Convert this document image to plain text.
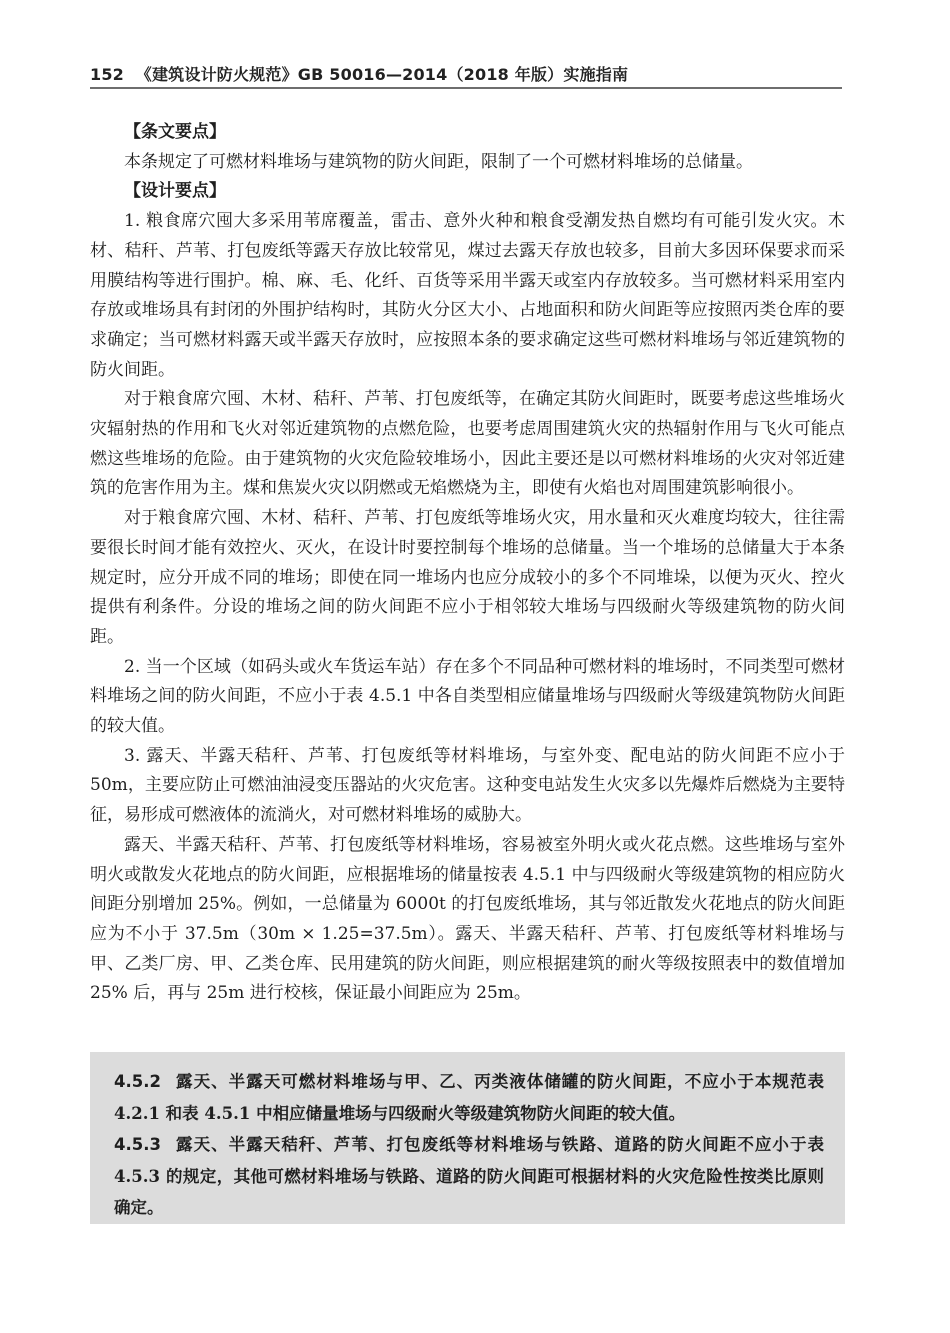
152 《建筑设计防火规范》GB 50016—2014（2018 年版）实施指南

【条文要点】

本条规定了可燃材料堆场与建筑物的防火间距，限制了一个可燃材料堆场的总储量。

【设计要点】

1. 粮食席穴囤大多采用苇席覆盖，雷击、意外火种和粮食受潮发热自燃均有可能引发火灾。木材、秸秆、芦苇、打包废纸等露天存放比较常见，煤过去露天存放也较多，目前大多因环保要求而采用膜结构等进行围护。棉、麻、毛、化纤、百货等采用半露天或室内存放较多。当可燃材料采用室内存放或堆场具有封闭的外围护结构时，其防火分区大小、占地面积和防火间距等应按照丙类仓库的要求确定；当可燃材料露天或半露天存放时，应按照本条的要求确定这些可燃材料堆场与邻近建筑物的防火间距。

对于粮食席穴囤、木材、秸秆、芦苇、打包废纸等，在确定其防火间距时，既要考虑这些堆场火灾辐射热的作用和飞火对邻近建筑物的点燃危险，也要考虑周围建筑火灾的热辐射作用与飞火可能点燃这些堆场的危险。由于建筑物的火灾危险较堆场小，因此主要还是以可燃材料堆场的火灾对邻近建筑的危害作用为主。煤和焦炭火灾以阴燃或无焰燃烧为主，即使有火焰也对周围建筑影响很小。

对于粮食席穴囤、木材、秸秆、芦苇、打包废纸等堆场火灾，用水量和灭火难度均较大，往往需要很长时间才能有效控火、灭火，在设计时要控制每个堆场的总储量。当一个堆场的总储量大于本条规定时，应分开成不同的堆场；即使在同一堆场内也应分成较小的多个不同堆垛，以便为灭火、控火提供有利条件。分设的堆场之间的防火间距不应小于相邻较大堆场与四级耐火等级建筑物的防火间距。

2. 当一个区域（如码头或火车货运车站）存在多个不同品种可燃材料的堆场时，不同类型可燃材料堆场之间的防火间距，不应小于表 4.5.1 中各自类型相应储量堆场与四级耐火等级建筑物防火间距的较大值。

3. 露天、半露天秸秆、芦苇、打包废纸等材料堆场，与室外变、配电站的防火间距不应小于 50m，主要应防止可燃油油浸变压器站的火灾危害。这种变电站发生火灾多以先爆炸后燃烧为主要特征，易形成可燃液体的流淌火，对可燃材料堆场的威胁大。

露天、半露天秸秆、芦苇、打包废纸等材料堆场，容易被室外明火或火花点燃。这些堆场与室外明火或散发火花地点的防火间距，应根据堆场的储量按表 4.5.1 中与四级耐火等级建筑物的相应防火间距分别增加 25%。例如，一总储量为 6000t 的打包废纸堆场，其与邻近散发火花地点的防火间距应为不小于 37.5m（30m × 1.25=37.5m）。露天、半露天秸秆、芦苇、打包废纸等材料堆场与甲、乙类厂房、甲、乙类仓库、民用建筑的防火间距，则应根据建筑的耐火等级按照表中的数值增加 25% 后，再与 25m 进行校核，保证最小间距应为 25m。

4.5.2 露天、半露天可燃材料堆场与甲、乙、丙类液体储罐的防火间距，不应小于本规范表 4.2.1 和表 4.5.1 中相应储量堆场与四级耐火等级建筑物防火间距的较大值。

4.5.3 露天、半露天秸秆、芦苇、打包废纸等材料堆场与铁路、道路的防火间距不应小于表 4.5.3 的规定，其他可燃材料堆场与铁路、道路的防火间距可根据材料的火灾危险性按类比原则确定。
